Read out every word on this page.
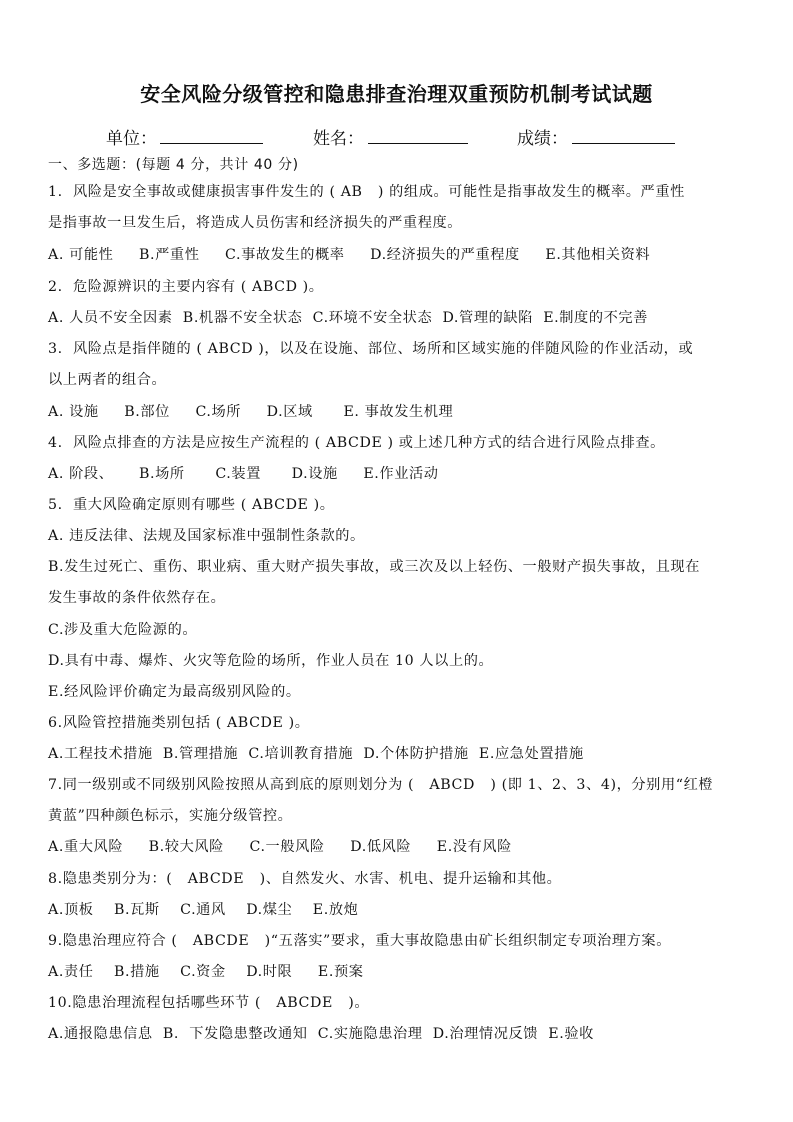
安全风险分级管控和隐患排查治理双重预防机制考试试题
单位：	姓名：	成绩：
一、多选题：(每题 4 分，共计 40 分)
1.  风险是安全事故或健康损害事件发生的 ( AB   ) 的组成。可能性是指事故发生的概率。严重性
是指事故一旦发生后，将造成人员伤害和经济损失的严重程度。
A. 可能性     B.严重性     C.事故发生的概率     D.经济损失的严重程度     E.其他相关资料
2.  危险源辨识的主要内容有 ( ABCD )。
A. 人员不安全因素  B.机器不安全状态  C.环境不安全状态  D.管理的缺陷  E.制度的不完善
3.  风险点是指伴随的 ( ABCD )，以及在设施、部位、场所和区域实施的伴随风险的作业活动，或
以上两者的组合。
A. 设施     B.部位     C.场所     D.区域      E. 事故发生机理
4.  风险点排查的方法是应按生产流程的 ( ABCDE ) 或上述几种方式的结合进行风险点排查。
A. 阶段、     B.场所      C.装置      D.设施     E.作业活动
5.  重大风险确定原则有哪些 ( ABCDE )。
A. 违反法律、法规及国家标准中强制性条款的。
B.发生过死亡、重伤、职业病、重大财产损失事故，或三次及以上轻伤、一般财产损失事故，且现在
发生事故的条件依然存在。
C.涉及重大危险源的。
D.具有中毒、爆炸、火灾等危险的场所，作业人员在 10 人以上的。
E.经风险评价确定为最高级别风险的。
6.风险管控措施类别包括 ( ABCDE )。
A.工程技术措施  B.管理措施  C.培训教育措施  D.个体防护措施  E.应急处置措施
7.同一级别或不同级别风险按照从高到底的原则划分为 (   ABCD   ) (即 1、2、3、4)，分别用“红橙
黄蓝”四种颜色标示，实施分级管控。
A.重大风险     B.较大风险     C.一般风险     D.低风险     E.没有风险
8.隐患类别分为：(   ABCDE   )、自然发火、水害、机电、提升运输和其他。
A.顶板    B.瓦斯    C.通风    D.煤尘    E.放炮
9.隐患治理应符合 (   ABCDE   )“五落实”要求，重大事故隐患由矿长组织制定专项治理方案。
A.责任    B.措施    C.资金    D.时限     E.预案
10.隐患治理流程包括哪些环节 (   ABCDE   )。
A.通报隐患信息  B.  下发隐患整改通知  C.实施隐患治理  D.治理情况反馈  E.验收
